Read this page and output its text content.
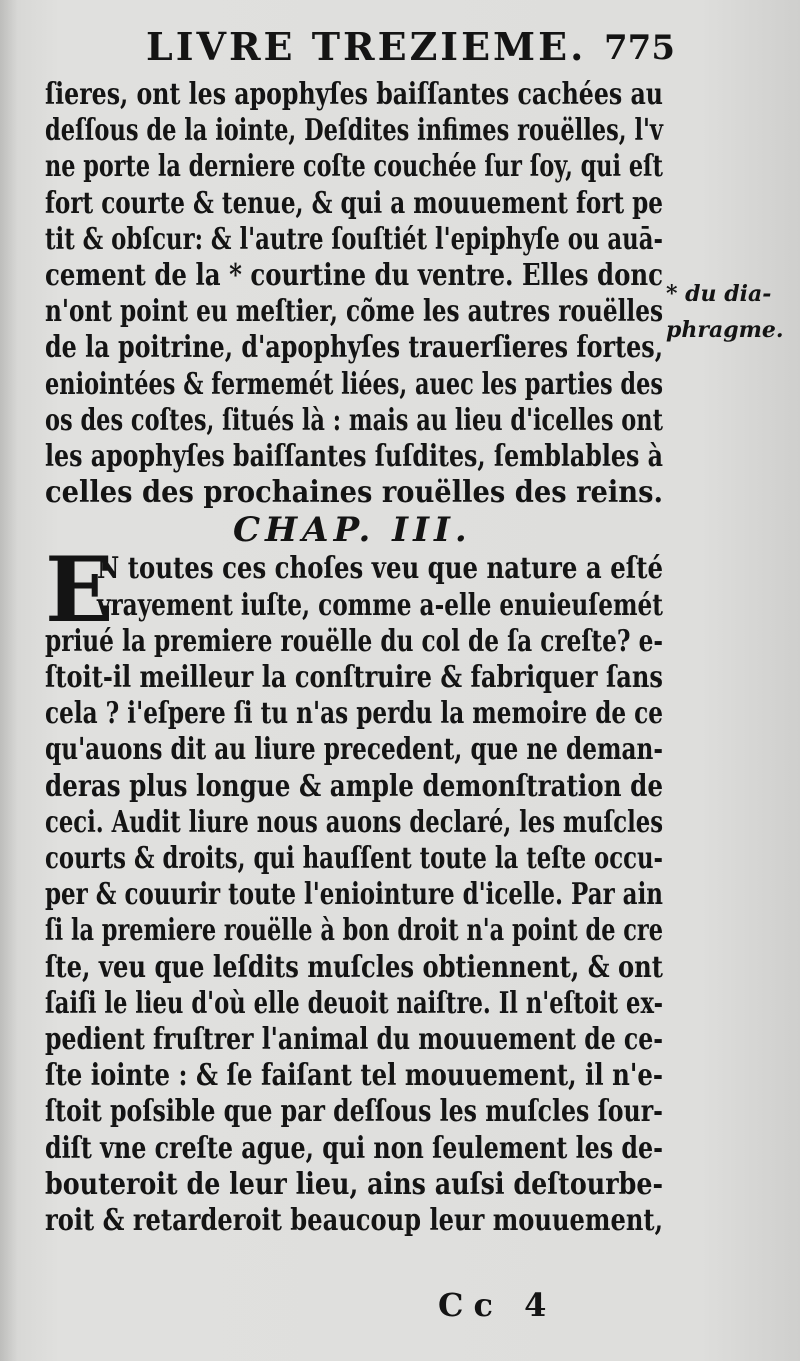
LIVRE TREZIEME. 775
ſieres, ont les apophyſes baiſſantes cachées au
deſſous de la iointe, Deſdites infimes rouëlles, l'v
ne porte la derniere coſte couchée ſur ſoy, qui eſt
fort courte & tenue, & qui a mouuement fort pe
tit & obſcur: & l'autre ſouſtiét l'epiphyſe ou auā-
cement de la * courtine du ventre. Elles donc
n'ont point eu meſtier, cõme les autres rouëlles
de la poitrine, d'apophyſes trauerſieres fortes,
eniointées & fermemét liées, auec les parties des
os des coſtes, ſitués là : mais au lieu d'icelles ont
les apophyſes baiſſantes ſuſdites, ſemblables à
celles des prochaines rouëlles des reins.
CHAP. III.
E
N toutes ces choſes veu que nature a eſté
vrayement iuſte, comme a-elle enuieuſemét
priué la premiere rouëlle du col de ſa creſte? e-
ſtoit-il meilleur la conſtruire & fabriquer ſans
cela ? i'eſpere ſi tu n'as perdu la memoire de ce
qu'auons dit au liure precedent, que ne deman-
deras plus longue & ample demonſtration de
ceci. Audit liure nous auons declaré, les muſcles
courts & droits, qui hauſſent toute la teſte occu-
per & couurir toute l'eniointure d'icelle. Par ain
ſi la premiere rouëlle à bon droit n'a point de cre
ſte, veu que leſdits muſcles obtiennent, & ont
ſaiſi le lieu d'où elle deuoit naiſtre. Il n'eſtoit ex-
pedient fruſtrer l'animal du mouuement de ce-
ſte iointe : & ſe faiſant tel mouuement, il n'e-
ſtoit poſsible que par deſſous les muſcles ſour-
diſt vne creſte ague, qui non ſeulement les de-
bouteroit de leur lieu, ains auſsi deſtourbe-
roit & retarderoit beaucoup leur mouuement,
* du dia-
phragme.
Cc 4
